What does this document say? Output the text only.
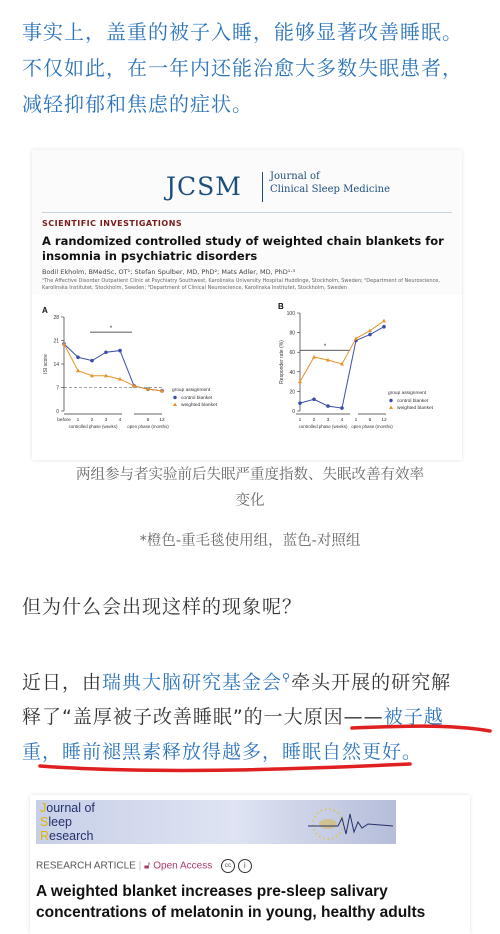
事实上，盖重的被子入睡，能够显著改善睡眠。
不仅如此，在一年内还能治愈大多数失眠患者，
减轻抑郁和焦虑的症状。
JCSM	Journal of
Clinical Sleep Medicine
SCIENTIFIC INVESTIGATIONS
A randomized controlled study of weighted chain blankets for insomnia in psychiatric disorders
Bodil Ekholm, BMedSc, OT¹; Stefan Spulber, MD, PhD²; Mats Adler, MD, PhD¹·³
¹The Affective Disorder Outpatient Clinic at Psychiatry Southwest, Karolinska University Hospital Huddinge, Stockholm, Sweden; ²Department of Neuroscience, Karolinska Institutet, Stockholm, Sweden; ³Department of Clinical Neuroscience, Karolinska Institutet, Stockholm, Sweden
A
0
7
14
21
28
ISI score
before 1 2 3 4	6 12
controlled phase (weeks) open phase (months)
*
group assignment
control blanket
weighted blanket
B
0
20
40
60
80
100
Responder rate (%)
1 2 3 4 1 6 12
controlled phase (weeks) open phase (months)
*
group assignment
control blanket
weighted blanket
两组参与者实验前后失眠严重度指数、失眠改善有效率
变化
*橙色-重毛毯使用组，蓝色-对照组
但为什么会出现这样的现象呢？
近日，由瑞典大脑研究基金会⚲牵头开展的研究解
释了“盖厚被子改善睡眠”的一大原因——被子越
重，睡前褪黑素释放得越多，睡眠自然更好。
Journal of
Sleep
Research
RESEARCH ARTICLE | 🔓︎ Open Access cc i
A weighted blanket increases pre-sleep salivary concentrations of melatonin in young, healthy adults
